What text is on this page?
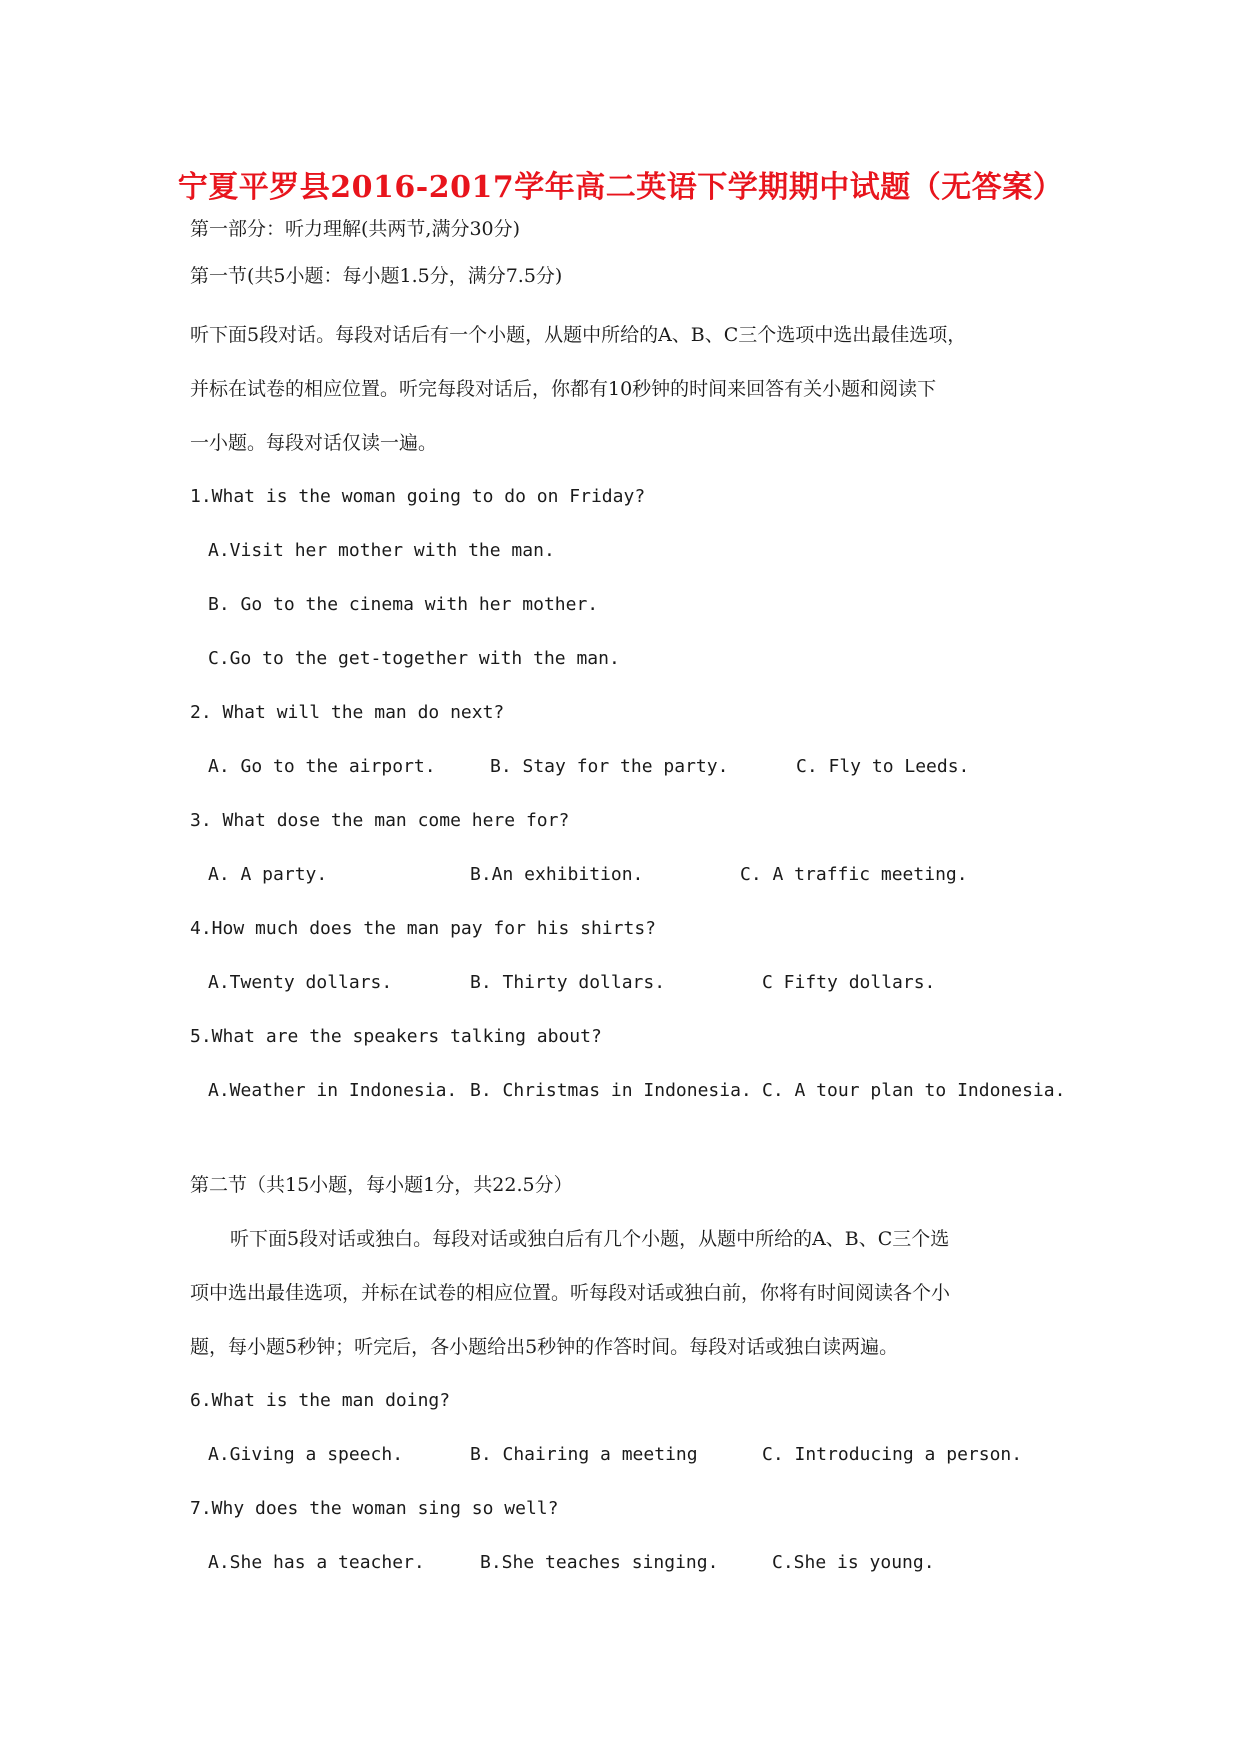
宁夏平罗县2016-2017学年高二英语下学期期中试题（无答案）
第一部分：听力理解(共两节,满分30分)
第一节(共5小题：每小题1.5分，满分7.5分)
听下面5段对话。每段对话后有一个小题，从题中所给的A、B、C三个选项中选出最佳选项，
并标在试卷的相应位置。听完每段对话后，你都有10秒钟的时间来回答有关小题和阅读下
一小题。每段对话仅读一遍。
1.What is the woman going to do on Friday?
A.Visit her mother with the man.
B. Go to the cinema with her mother.
C.Go to the get-together with the man.
2. What will the man do next?
A. Go to the airport.	B. Stay for the party.	C. Fly to Leeds.
3. What dose the man come here for?
A. A party.	B.An exhibition.	C. A traffic meeting.
4.How much does the man pay for his shirts?
A.Twenty dollars.	B. Thirty dollars.	C Fifty dollars.
5.What are the speakers talking about?
A.Weather in Indonesia. B. Christmas in Indonesia. C. A tour plan to Indonesia.
第二节（共15小题，每小题1分，共22.5分）
听下面5段对话或独白。每段对话或独白后有几个小题，从题中所给的A、B、C三个选
项中选出最佳选项，并标在试卷的相应位置。听每段对话或独白前，你将有时间阅读各个小
题，每小题5秒钟；听完后，各小题给出5秒钟的作答时间。每段对话或独白读两遍。
6.What is the man doing?
A.Giving a speech.	B. Chairing a meeting	C. Introducing a person.
7.Why does the woman sing so well?
A.She has a teacher.	B.She teaches singing.	C.She is young.
